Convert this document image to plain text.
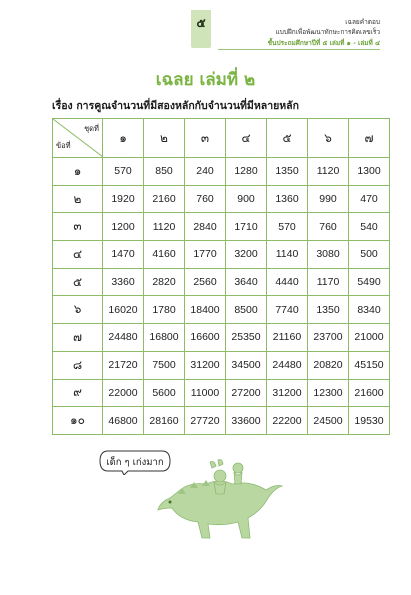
๕	เฉลยคำตอบ
แบบฝึกเพื่อพัฒนาทักษะการคิดเลขเร็ว
ชั้นประถมศึกษาปีที่ ๕ เล่มที่ ๑ - เล่มที่ ๔
เฉลย เล่มที่ ๒
เรื่อง การคูณจำนวนที่มีสองหลักกับจำนวนที่มีหลายหลัก
ชุดที่
ข้อที่	๑	๒	๓	๔	๕	๖	๗
๑	570	850	240	1280	1350	1120	1300
๒	1920	2160	760	900	1360	990	470
๓	1200	1120	2840	1710	570	760	540
๔	1470	4160	1770	3200	1140	3080	500
๕	3360	2820	2560	3640	4440	1170	5490
๖	16020	1780	18400	8500	7740	1350	8340
๗	24480	16800	16600	25350	21160	23700	21000
๘	21720	7500	31200	34500	24480	20820	45150
๙	22000	5600	11000	27200	31200	12300	21600
๑๐	46800	28160	27720	33600	22200	24500	19530
เด็ก ๆ เก่งมาก
